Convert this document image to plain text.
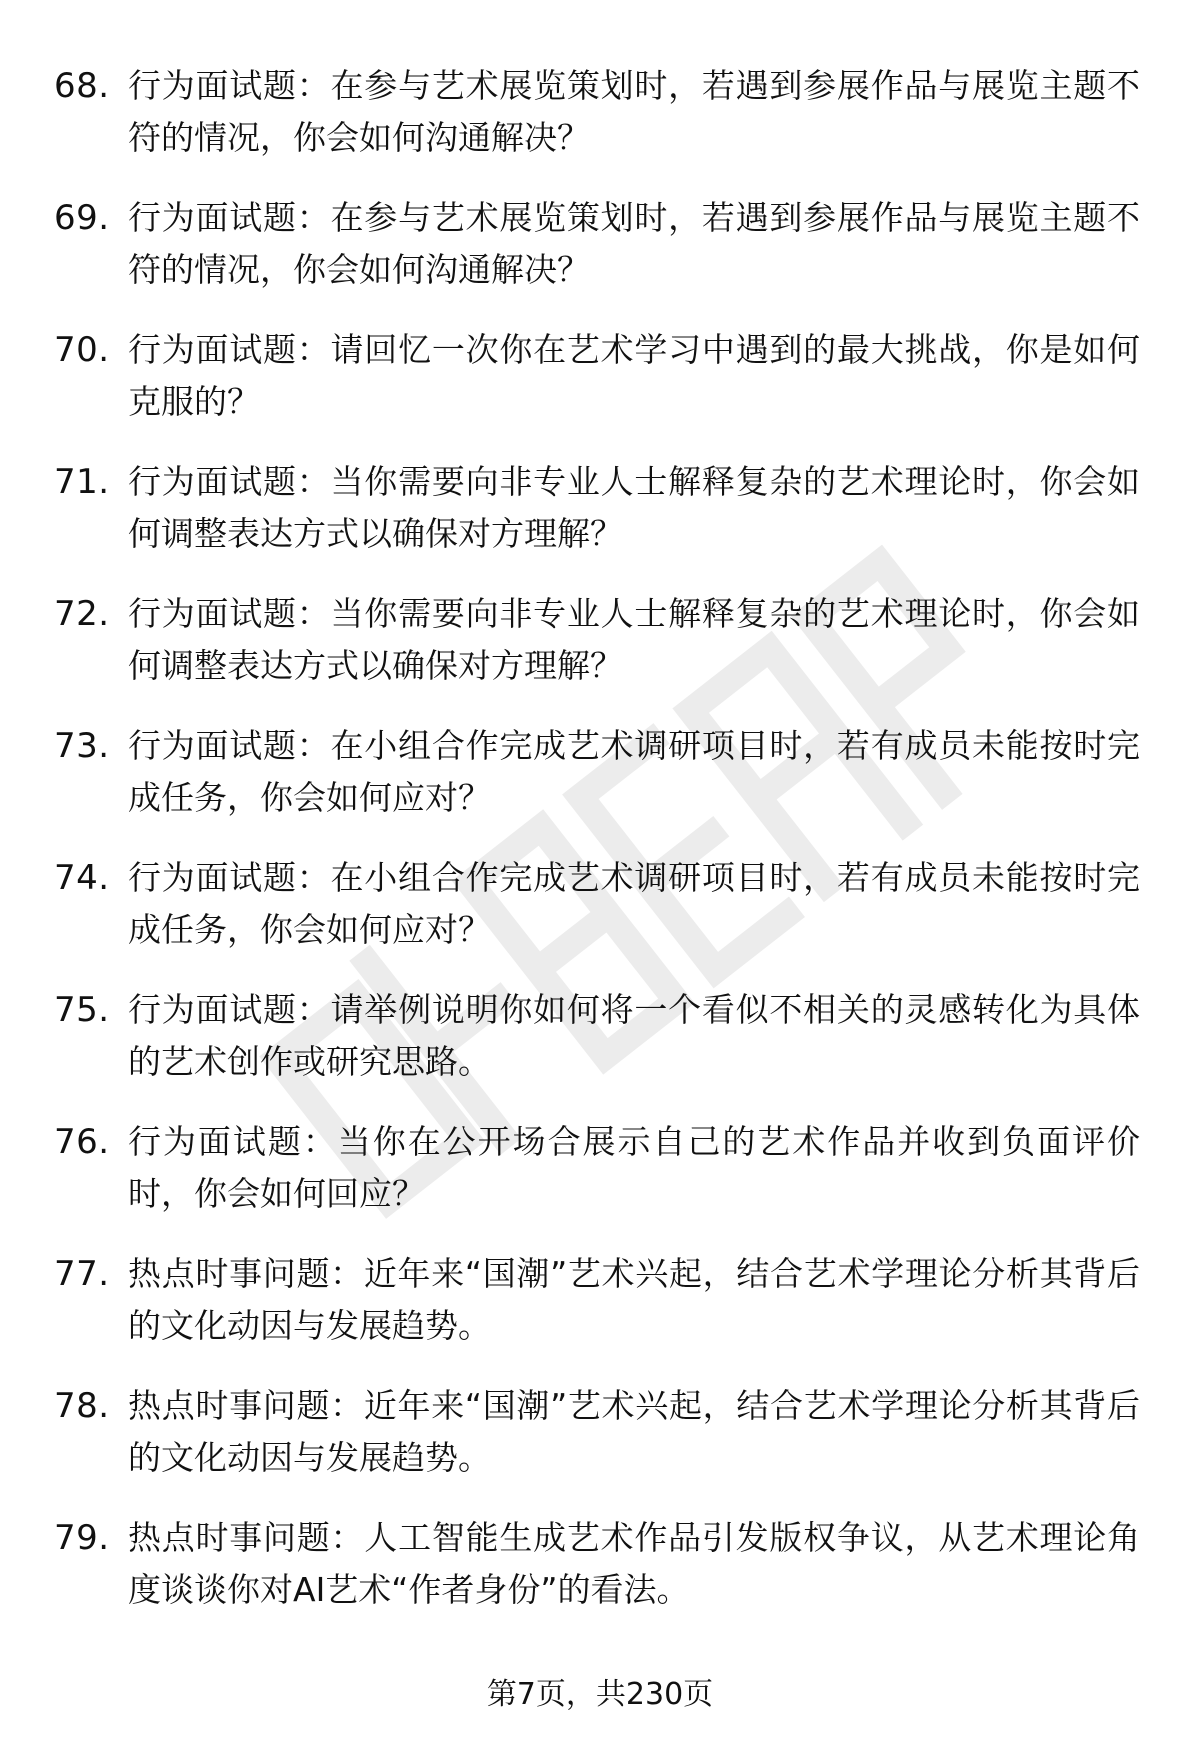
68. 行为面试题：在参与艺术展览策划时，若遇到参展作品与展览主题不符的情况，你会如何沟通解决？
69. 行为面试题：在参与艺术展览策划时，若遇到参展作品与展览主题不符的情况，你会如何沟通解决？
70. 行为面试题：请回忆一次你在艺术学习中遇到的最大挑战，你是如何克服的？
71. 行为面试题：当你需要向非专业人士解释复杂的艺术理论时，你会如何调整表达方式以确保对方理解？
72. 行为面试题：当你需要向非专业人士解释复杂的艺术理论时，你会如何调整表达方式以确保对方理解？
73. 行为面试题：在小组合作完成艺术调研项目时，若有成员未能按时完成任务，你会如何应对？
74. 行为面试题：在小组合作完成艺术调研项目时，若有成员未能按时完成任务，你会如何应对？
75. 行为面试题：请举例说明你如何将一个看似不相关的灵感转化为具体的艺术创作或研究思路。
76. 行为面试题：当你在公开场合展示自己的艺术作品并收到负面评价时，你会如何回应？
77. 热点时事问题：近年来“国潮”艺术兴起，结合艺术学理论分析其背后的文化动因与发展趋势。
78. 热点时事问题：近年来“国潮”艺术兴起，结合艺术学理论分析其背后的文化动因与发展趋势。
79. 热点时事问题：人工智能生成艺术作品引发版权争议，从艺术理论角度谈谈你对AI艺术“作者身份”的看法。
第7页，共230页
